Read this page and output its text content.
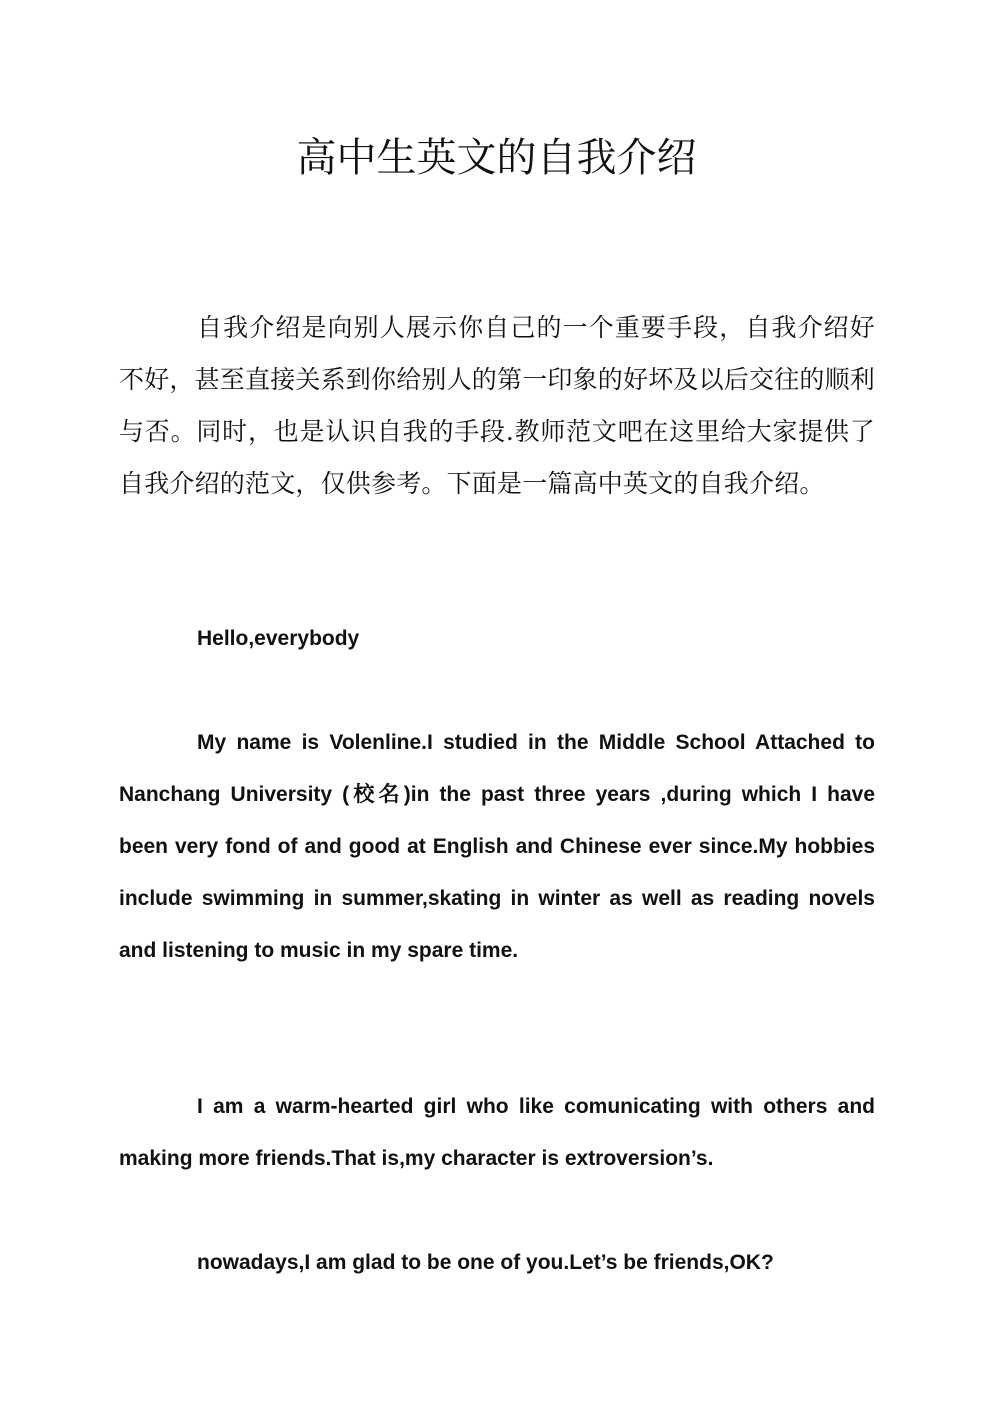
高中生英文的自我介绍

自我介绍是向别人展示你自己的一个重要手段，自我介绍好不好，甚至直接关系到你给别人的第一印象的好坏及以后交往的顺利与否。同时，也是认识自我的手段.教师范文吧在这里给大家提供了自我介绍的范文，仅供参考。下面是一篇高中英文的自我介绍。

Hello,everybody

My name is Volenline.I studied in the Middle School Attached to Nanchang University (校名)in the past three years ,during which I have been very fond of and good at English and Chinese ever since.My hobbies include swimming in summer,skating in winter as well as reading novels and listening to music in my spare time.

I am a warm-hearted girl who like comunicating with others and making more friends.That is,my character is extroversion’s.

nowadays,I am glad to be one of you.Let’s be friends,OK?
